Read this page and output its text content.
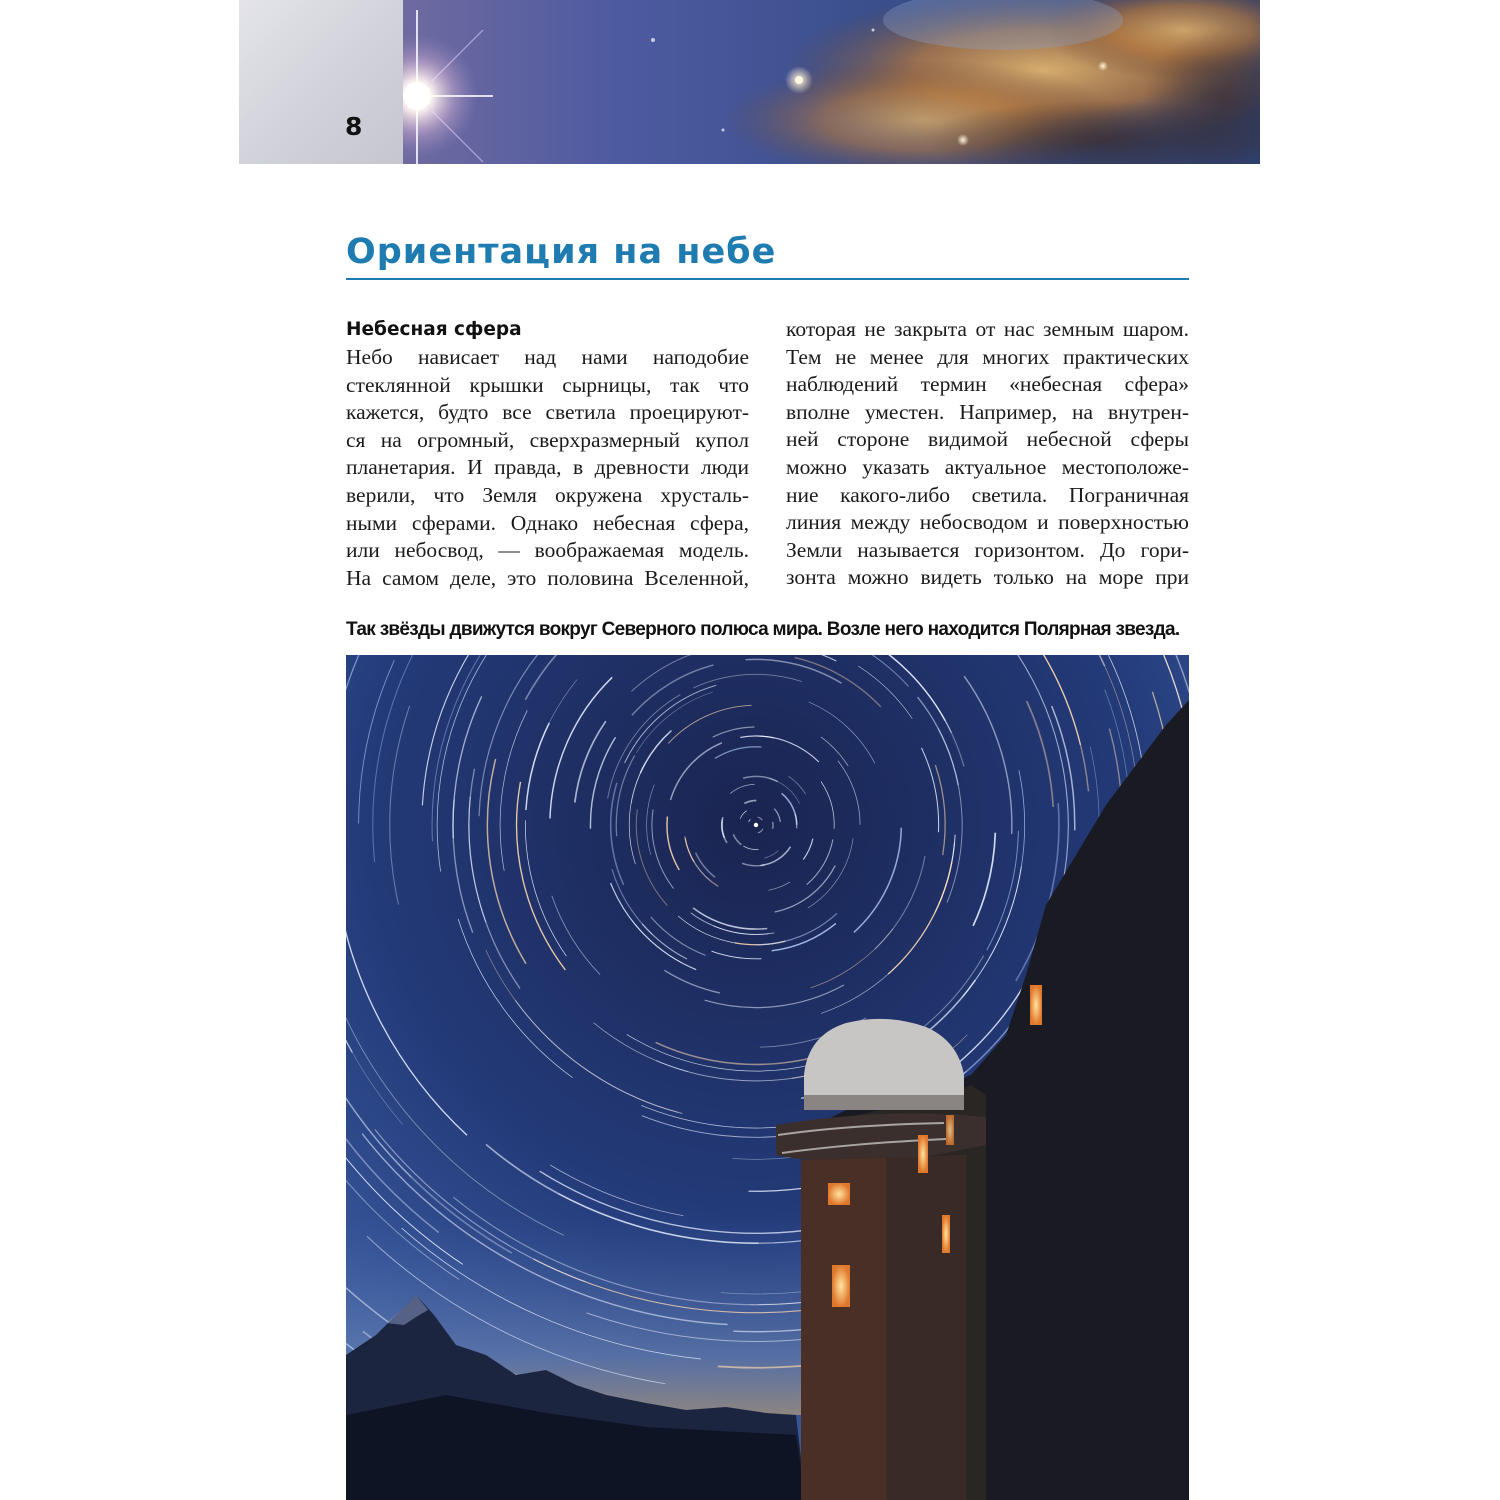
8
Ориентация на небе
Небесная сфера
Небо нависает над нами наподобие
стеклянной крышки сырницы, так что
кажется, будто все светила проецируют-
ся на огромный, сверхразмерный купол
планетария. И правда, в древности люди
верили, что Земля окружена хрусталь-
ными сферами. Однако небесная сфера,
или небосвод, — воображаемая модель.
На самом деле, это половина Вселенной,
которая не закрыта от нас земным шаром.
Тем не менее для многих практических
наблюдений термин «небесная сфера»
вполне уместен. Например, на внутрен-
ней стороне видимой небесной сферы
можно указать актуальное местоположе-
ние какого-либо светила. Пограничная
линия между небосводом и поверхностью
Земли называется горизонтом. До гори-
зонта можно видеть только на море при
Так звёзды движутся вокруг Северного полюса мира. Возле него находится Полярная звезда.
